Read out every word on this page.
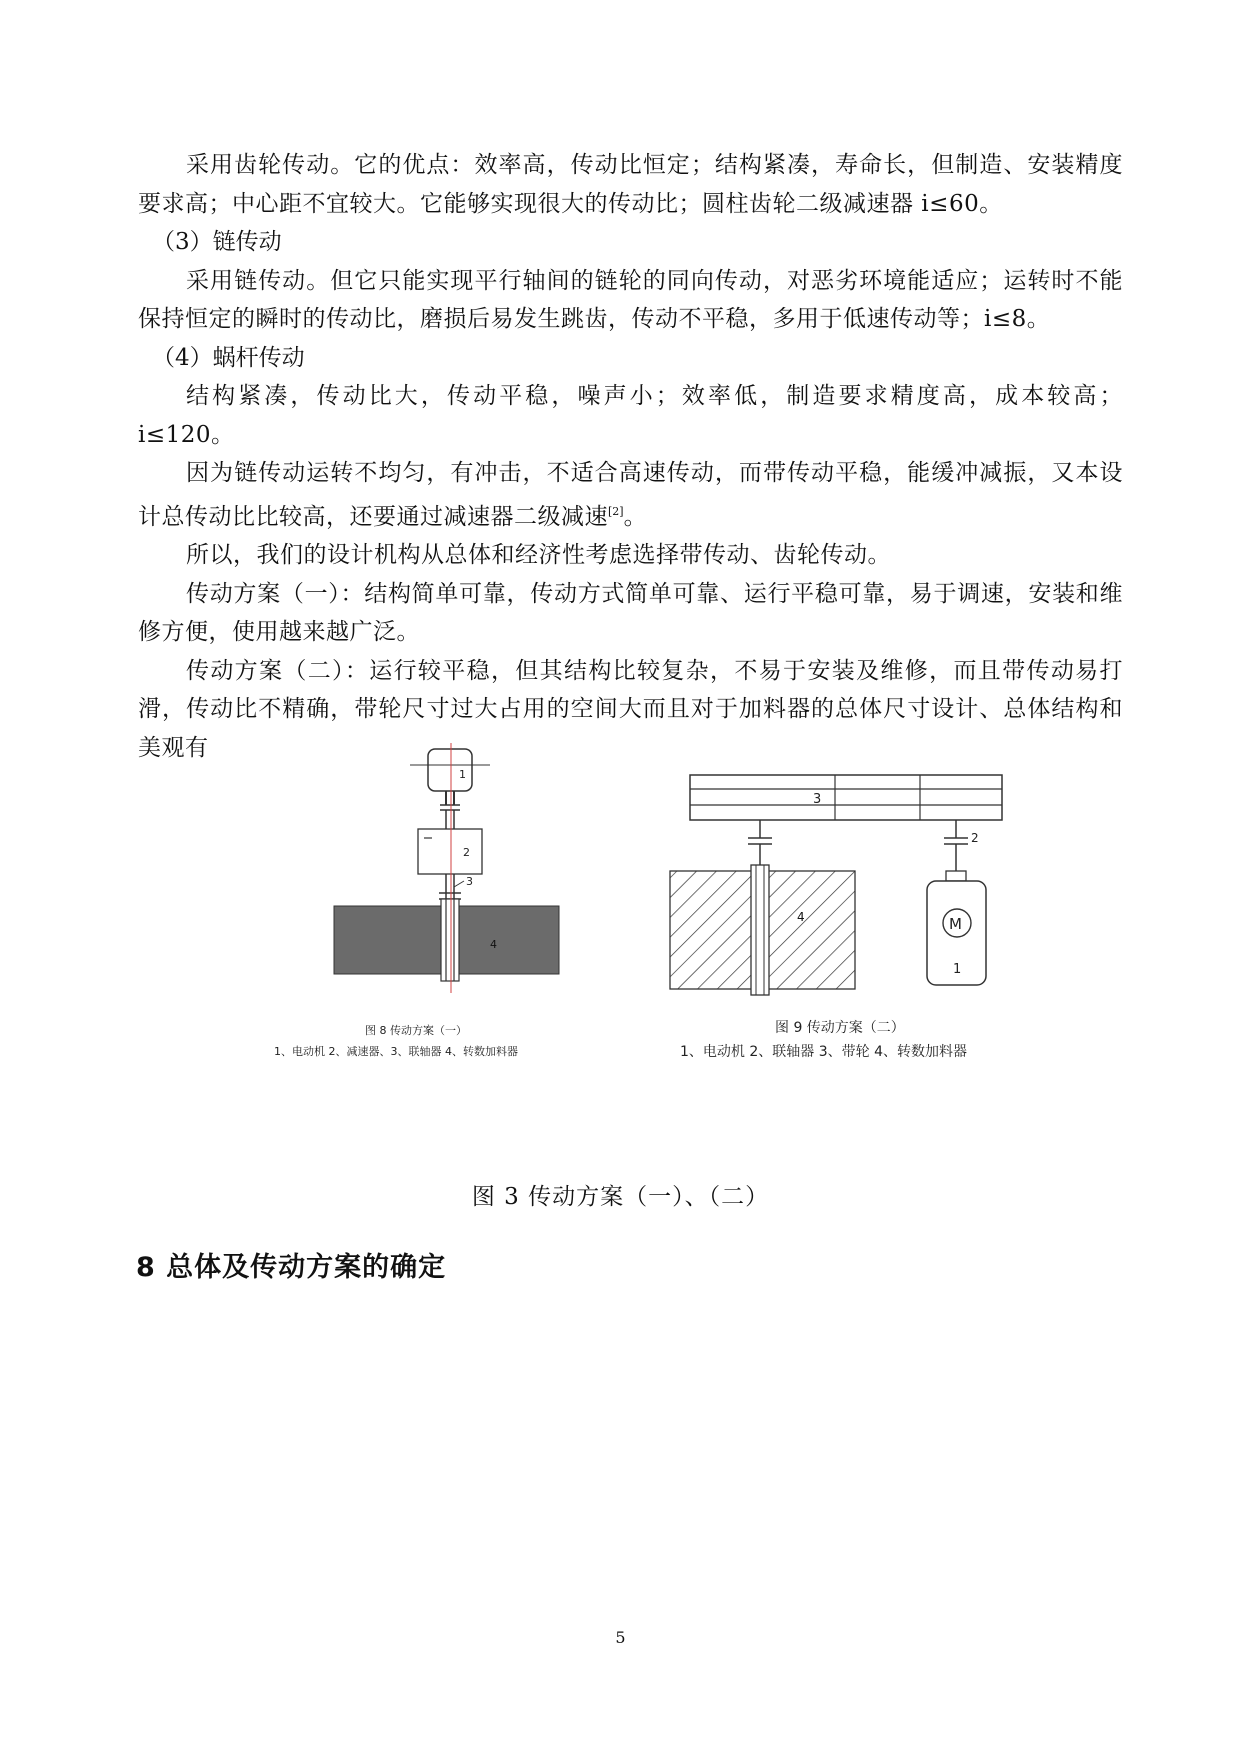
采用齿轮传动。它的优点：效率高，传动比恒定；结构紧凑，寿命长，但制造、安装精度要求高；中心距不宜较大。它能够实现很大的传动比；圆柱齿轮二级减速器 i≤60。

（3）链传动

采用链传动。但它只能实现平行轴间的链轮的同向传动，对恶劣环境能适应；运转时不能保持恒定的瞬时的传动比，磨损后易发生跳齿，传动不平稳，多用于低速传动等；i≤8。

（4）蜗杆传动

结构紧凑，传动比大，传动平稳，噪声小；效率低，制造要求精度高，成本较高；i≤120。

因为链传动运转不均匀，有冲击，不适合高速传动，而带传动平稳，能缓冲减振，又本设计总传动比比较高，还要通过减速器二级减速[2]。

所以，我们的设计机构从总体和经济性考虑选择带传动、齿轮传动。

传动方案（一）：结构简单可靠，传动方式简单可靠、运行平稳可靠，易于调速，安装和维修方便，使用越来越广泛。

传动方案（二）：运行较平稳，但其结构比较复杂，不易于安装及维修，而且带传动易打滑，传动比不精确，带轮尺寸过大占用的空间大而且对于加料器的总体尺寸设计、总体结构和美观有

1
2
3
4
3
4
2
M
1
图 8 传动方案（一）
1、电动机 2、减速器、3、联轴器 4、转数加料器
图 9 传动方案（二）
1、电动机 2、联轴器 3、带轮 4、转数加料器
图 3 传动方案（一）、（二）
8 总体及传动方案的确定
5
